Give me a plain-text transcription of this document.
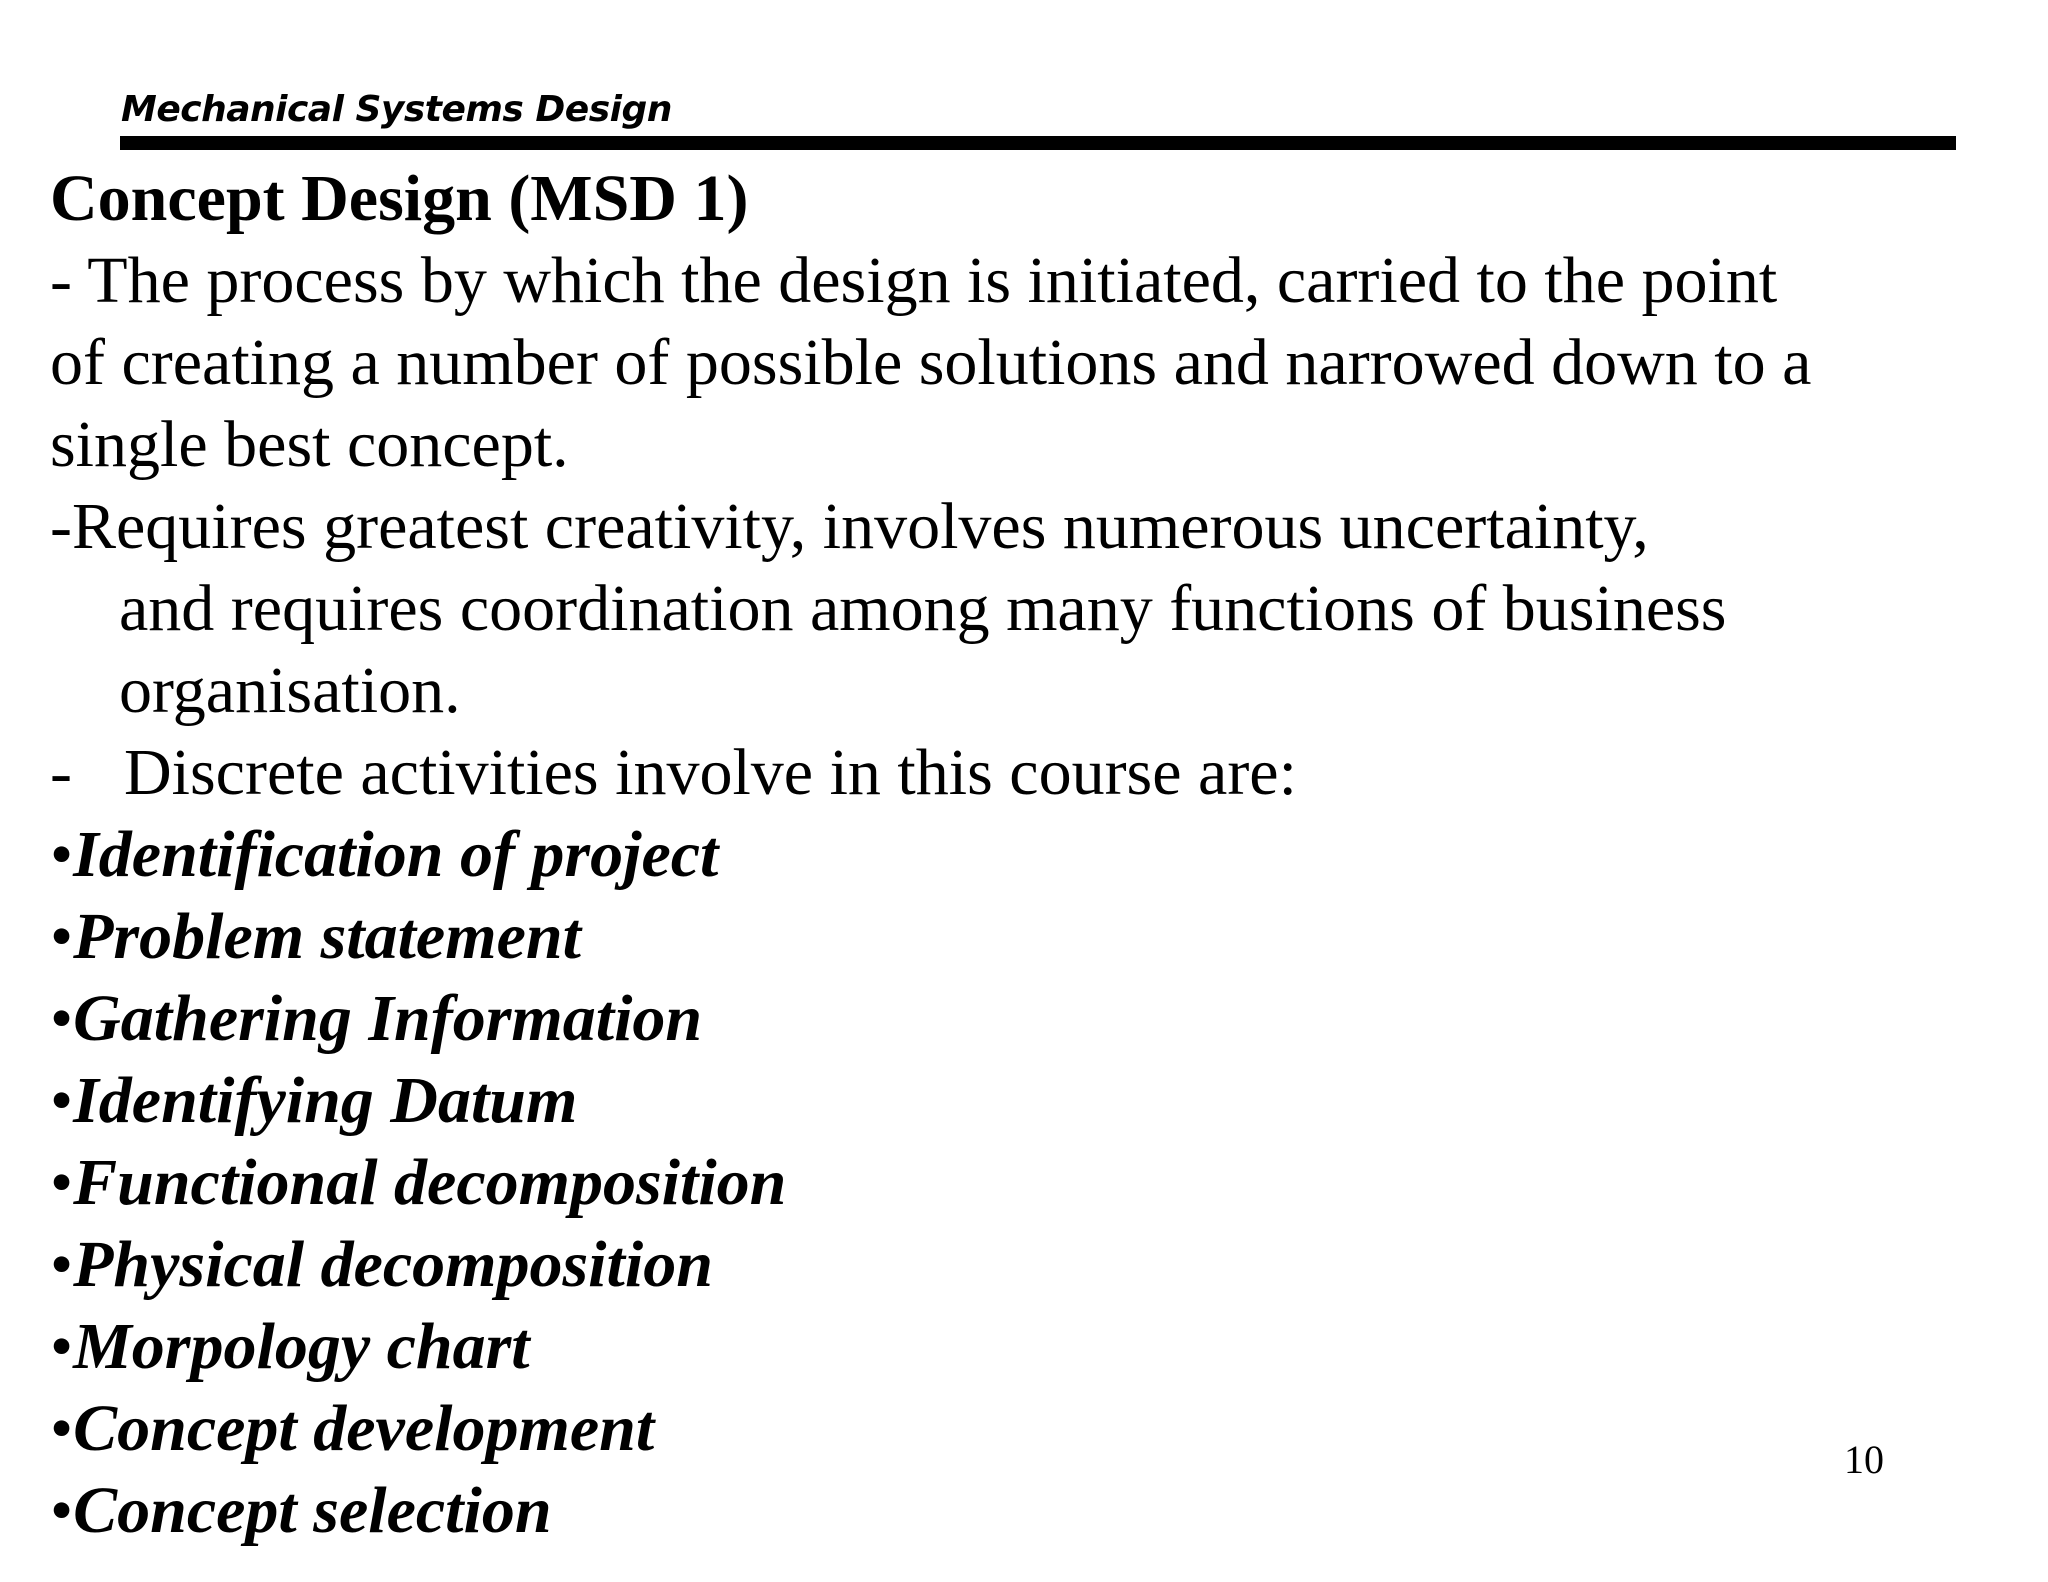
Mechanical Systems Design
Concept Design (MSD 1)
- The process by which the design is initiated, carried to the point
of creating a number of possible solutions and narrowed down to a
single best concept.
-Requires greatest creativity, involves numerous uncertainty,
and requires coordination among many functions of business
organisation.
- Discrete activities involve in this course are:
•Identification of project
•Problem statement
•Gathering Information
•Identifying Datum
•Functional decomposition
•Physical decomposition
•Morpology chart
•Concept development
•Concept selection
10
